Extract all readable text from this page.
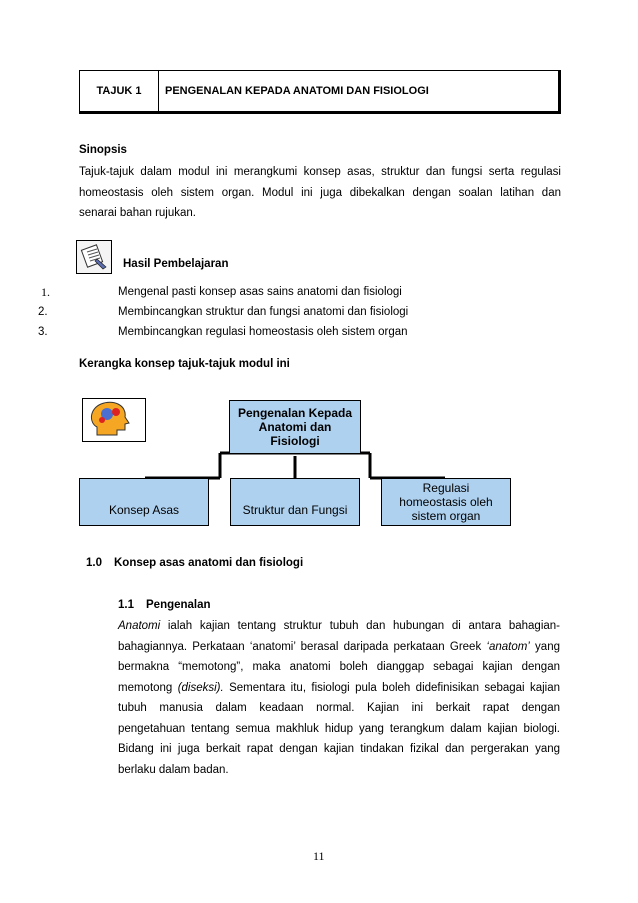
TAJUK 1	PENGENALAN KEPADA ANATOMI DAN FISIOLOGI
Sinopsis
Tajuk-tajuk dalam modul ini merangkumi konsep asas, struktur dan fungsi serta regulasi
homeostasis oleh sistem organ. Modul ini juga dibekalkan dengan soalan latihan dan
senarai bahan rujukan.
Hasil Pembelajaran
1.	Mengenal pasti konsep asas sains anatomi dan fisiologi
2.	Membincangkan struktur dan fungsi anatomi dan fisiologi
3.	Membincangkan regulasi homeostasis oleh sistem organ
Kerangka konsep tajuk-tajuk modul ini
Pengenalan Kepada Anatomi dan Fisiologi
Konsep Asas	Struktur dan Fungsi
Regulasi homeostasis oleh sistem organ
1.0 Konsep asas anatomi dan fisiologi
1.1 Pengenalan
Anatomi ialah kajian tentang struktur tubuh dan hubungan di antara bahagian-
bahagiannya. Perkataan ‘anatomi’ berasal daripada perkataan Greek ‘anatom’ yang
bermakna “memotong”, maka anatomi boleh dianggap sebagai kajian dengan
memotong (diseksi). Sementara itu, fisiologi pula boleh didefinisikan sebagai kajian
tubuh manusia dalam keadaan normal. Kajian ini berkait rapat dengan
pengetahuan tentang semua makhluk hidup yang terangkum dalam kajian biologi.
Bidang ini juga berkait rapat dengan kajian tindakan fizikal dan pergerakan yang
berlaku dalam badan.
11
